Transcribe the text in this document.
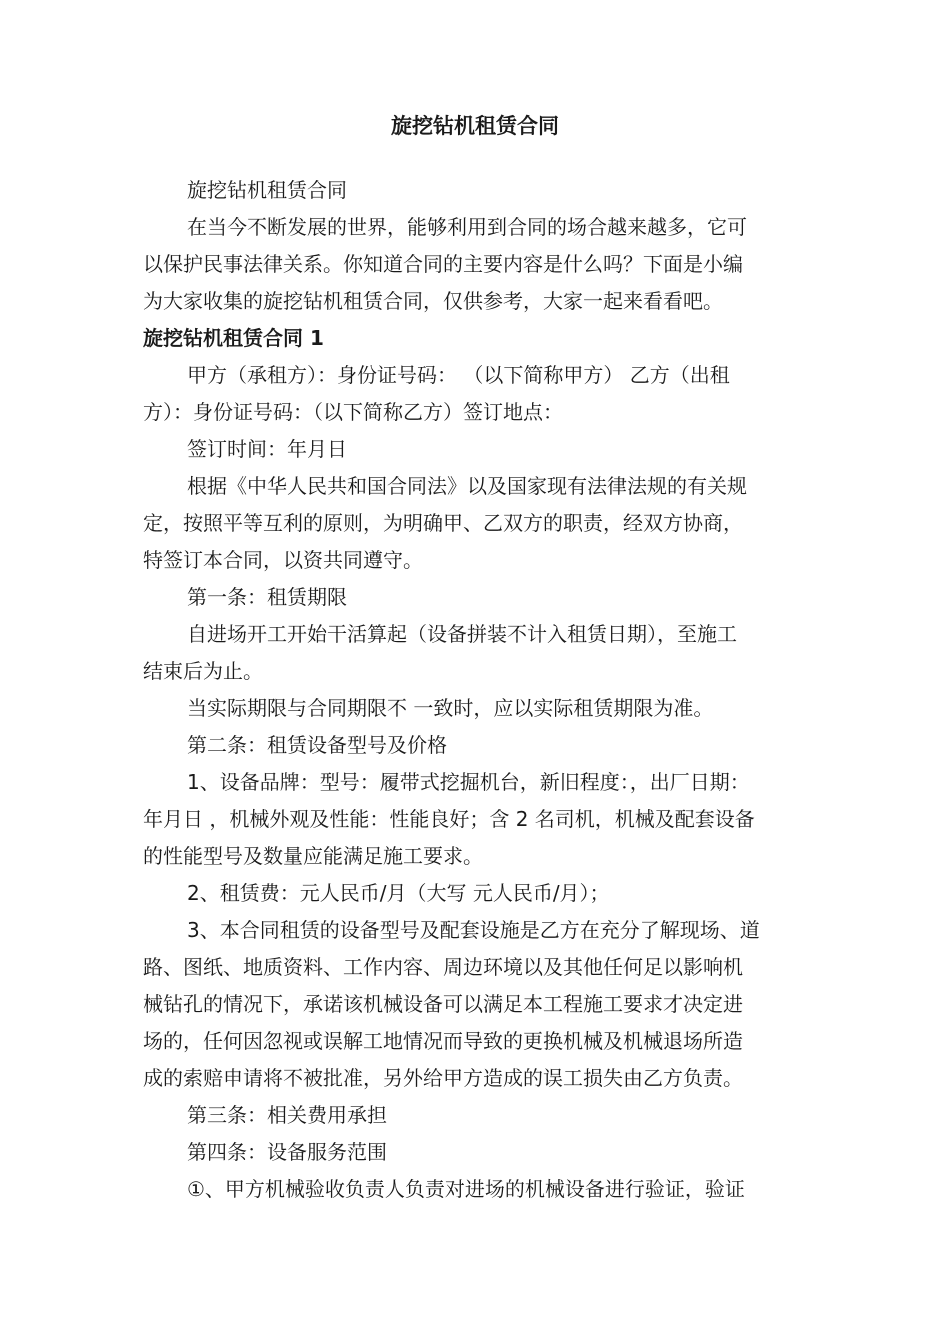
旋挖钻机租赁合同

旋挖钻机租赁合同

在当今不断发展的世界，能够利用到合同的场合越来越多，它可

以保护民事法律关系。你知道合同的主要内容是什么吗？下面是小编

为大家收集的旋挖钻机租赁合同，仅供参考，大家一起来看看吧。

旋挖钻机租赁合同 1

甲方（承租方）：身份证号码： （以下简称甲方） 乙方（出租

方）：身份证号码：（以下简称乙方）签订地点：

签订时间：年月日

根据《中华人民共和国合同法》以及国家现有法律法规的有关规

定，按照平等互利的原则，为明确甲、乙双方的职责，经双方协商，

特签订本合同，以资共同遵守。

第一条：租赁期限

自进场开工开始干活算起（设备拼装不计入租赁日期），至施工

结束后为止。

当实际期限与合同期限不 一致时，应以实际租赁期限为准。

第二条：租赁设备型号及价格

1、设备品牌：型号：履带式挖掘机台，新旧程度：，出厂日期：

年月日 ，机械外观及性能：性能良好；含 2 名司机，机械及配套设备

的性能型号及数量应能满足施工要求。

2、租赁费：元人民币/月（大写 元人民币/月）；

3、本合同租赁的设备型号及配套设施是乙方在充分了解现场、道

路、图纸、地质资料、工作内容、周边环境以及其他任何足以影响机

械钻孔的情况下，承诺该机械设备可以满足本工程施工要求才决定进

场的，任何因忽视或误解工地情况而导致的更换机械及机械退场所造

成的索赔申请将不被批准，另外给甲方造成的误工损失由乙方负责。

第三条：相关费用承担

第四条：设备服务范围

①、甲方机械验收负责人负责对进场的机械设备进行验证，验证
